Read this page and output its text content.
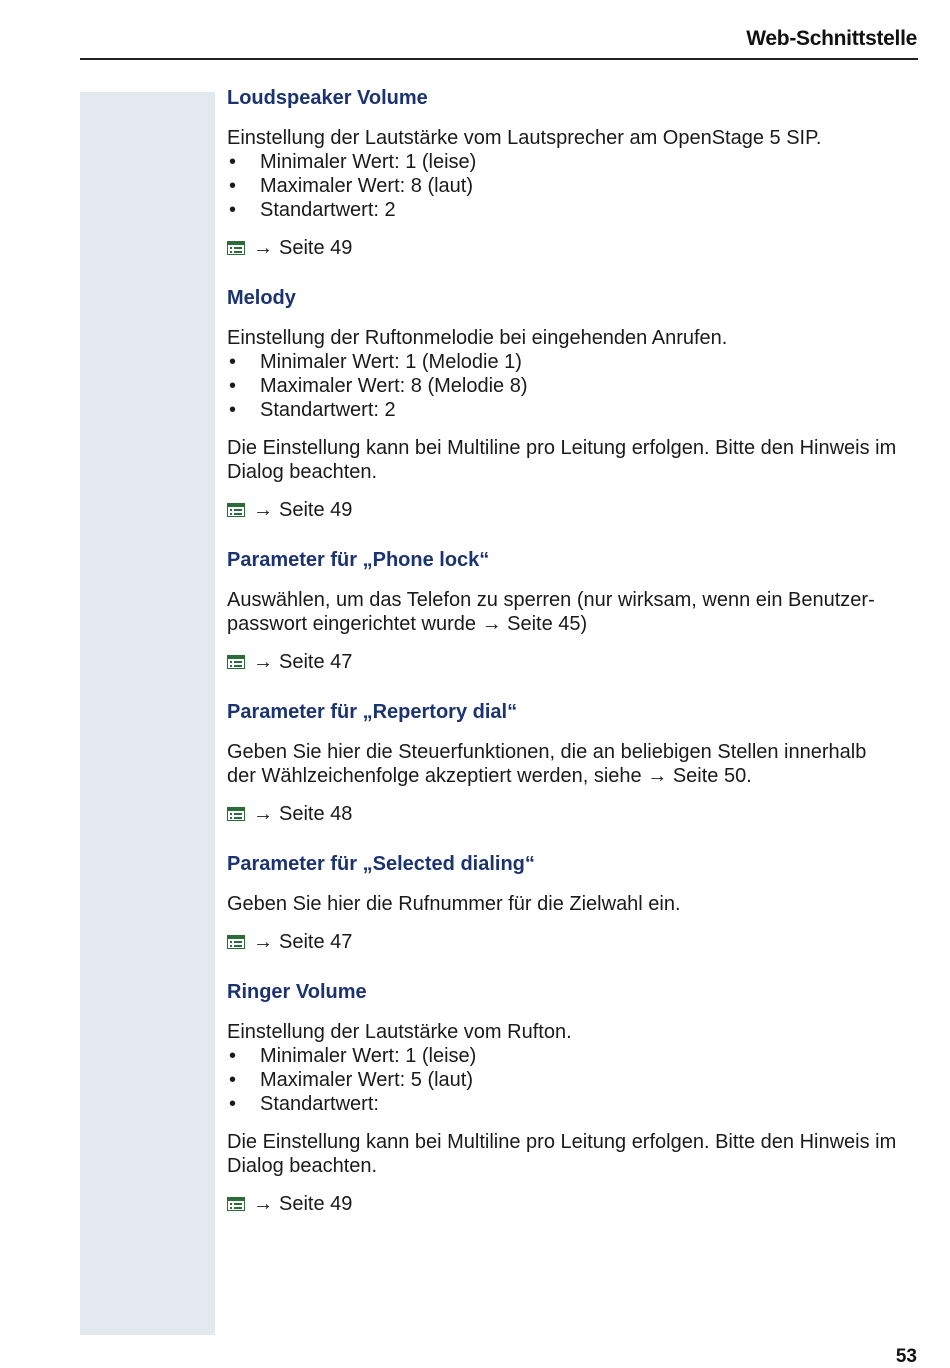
Web-Schnittstelle
Loudspeaker Volume

Einstellung der Lautstärke vom Lautsprecher am OpenStage 5 SIP.

• Minimaler Wert: 1 (leise)
• Maximaler Wert: 8 (laut)
• Standartwert: 2

→ Seite 49

Melody

Einstellung der Ruftonmelodie bei eingehenden Anrufen.

• Minimaler Wert: 1 (Melodie 1)
• Maximaler Wert: 8 (Melodie 8)
• Standartwert: 2

Die Einstellung kann bei Multiline pro Leitung erfolgen. Bitte den Hinweis im Dialog beachten.

→ Seite 49

Parameter für „Phone lock“

Auswählen, um das Telefon zu sperren (nur wirksam, wenn ein Benutzer-
passwort eingerichtet wurde → Seite 45)

→ Seite 47

Parameter für „Repertory dial“

Geben Sie hier die Steuerfunktionen, die an beliebigen Stellen innerhalb
der Wählzeichenfolge akzeptiert werden, siehe → Seite 50.

→ Seite 48

Parameter für „Selected dialing“

Geben Sie hier die Rufnummer für die Zielwahl ein.

→ Seite 47

Ringer Volume

Einstellung der Lautstärke vom Rufton.

• Minimaler Wert: 1 (leise)
• Maximaler Wert: 5 (laut)
• Standartwert:

Die Einstellung kann bei Multiline pro Leitung erfolgen. Bitte den Hinweis im Dialog beachten.

→ Seite 49

53
